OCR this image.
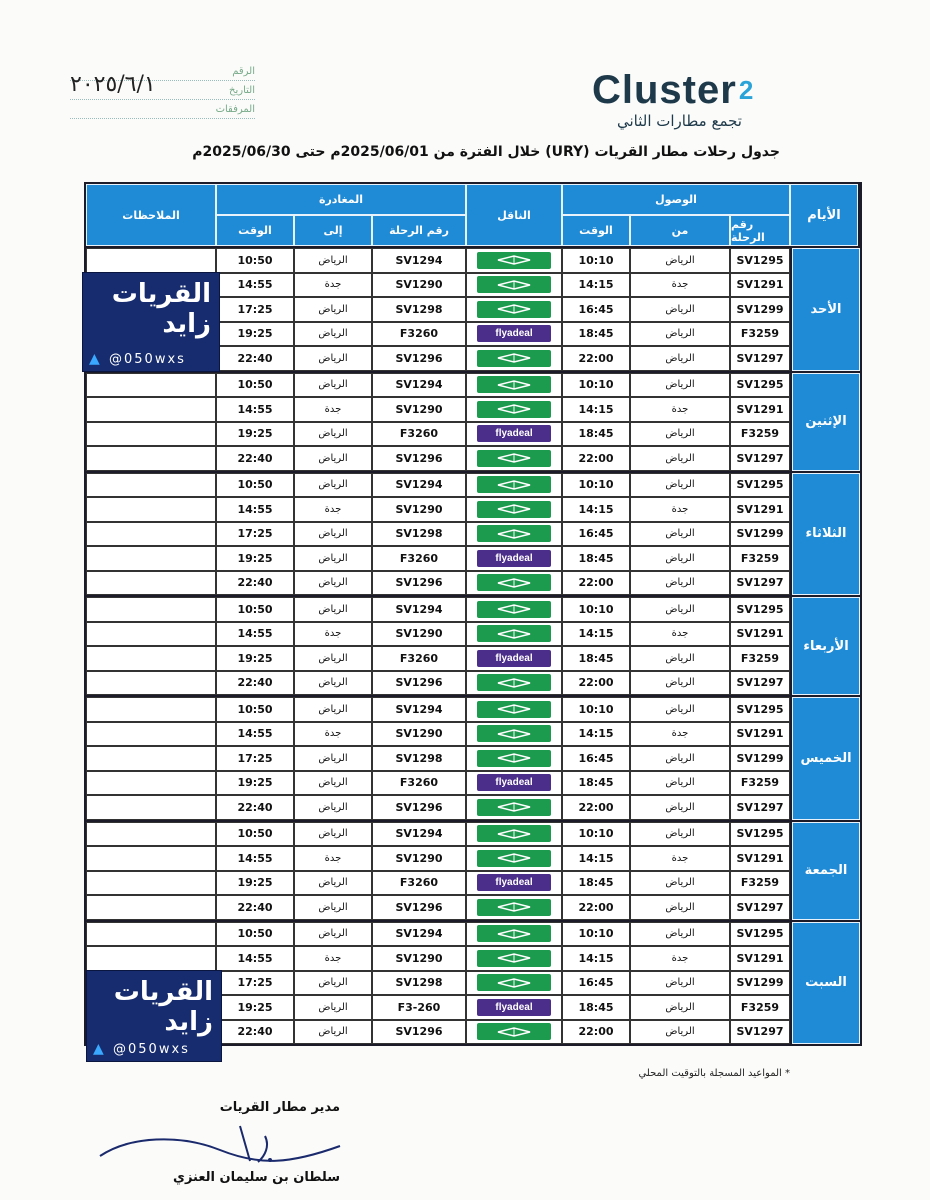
الرقم
التاريخ
المرفقات
٢٠٢٥/٦/١	Cluster$^2$
تجمع مطارات الثاني
جدول رحلات مطار القريات (URY) خلال الفترة من 2025/06/01م حتى 2025/06/30م
الملاحظات
المغادرة
الوقت	إلى	رقم الرحلة
الناقل
الوصول
الوقت	من	رقم الرحلة
الأيام
10:50	الرياض	SV1294	10:10	الرياض	SV1295
14:55	جدة	SV1290	14:15	جدة	SV1291
17:25	الرياض	SV1298	16:45	الرياض	SV1299
19:25	الرياض	F3260	flyadeal	18:45	الرياض	F3259
22:40	الرياض	SV1296	22:00	الرياض	SV1297
الأحد
10:50	الرياض	SV1294	10:10	الرياض	SV1295
14:55	جدة	SV1290	14:15	جدة	SV1291
19:25	الرياض	F3260	flyadeal	18:45	الرياض	F3259
22:40	الرياض	SV1296	22:00	الرياض	SV1297
الإثنين
10:50	الرياض	SV1294	10:10	الرياض	SV1295
14:55	جدة	SV1290	14:15	جدة	SV1291
17:25	الرياض	SV1298	16:45	الرياض	SV1299
19:25	الرياض	F3260	flyadeal	18:45	الرياض	F3259
22:40	الرياض	SV1296	22:00	الرياض	SV1297
الثلاثاء
10:50	الرياض	SV1294	10:10	الرياض	SV1295
14:55	جدة	SV1290	14:15	جدة	SV1291
19:25	الرياض	F3260	flyadeal	18:45	الرياض	F3259
22:40	الرياض	SV1296	22:00	الرياض	SV1297
الأربعاء
10:50	الرياض	SV1294	10:10	الرياض	SV1295
14:55	جدة	SV1290	14:15	جدة	SV1291
17:25	الرياض	SV1298	16:45	الرياض	SV1299
19:25	الرياض	F3260	flyadeal	18:45	الرياض	F3259
22:40	الرياض	SV1296	22:00	الرياض	SV1297
الخميس
10:50	الرياض	SV1294	10:10	الرياض	SV1295
14:55	جدة	SV1290	14:15	جدة	SV1291
19:25	الرياض	F3260	flyadeal	18:45	الرياض	F3259
22:40	الرياض	SV1296	22:00	الرياض	SV1297
الجمعة
10:50	الرياض	SV1294	10:10	الرياض	SV1295
14:55	جدة	SV1290	14:15	جدة	SV1291
17:25	الرياض	SV1298	16:45	الرياض	SV1299
19:25	الرياض	F3-260	flyadeal	18:45	الرياض	F3259
22:40	الرياض	SV1296	22:00	الرياض	SV1297
السبت
القريات
زايد
@050wxs
▲
القريات
زايد
@050wxs
▲
* المواعيد المسجلة بالتوقيت المحلي
مدير مطار القريات
سلطان بن سليمان العنزي
